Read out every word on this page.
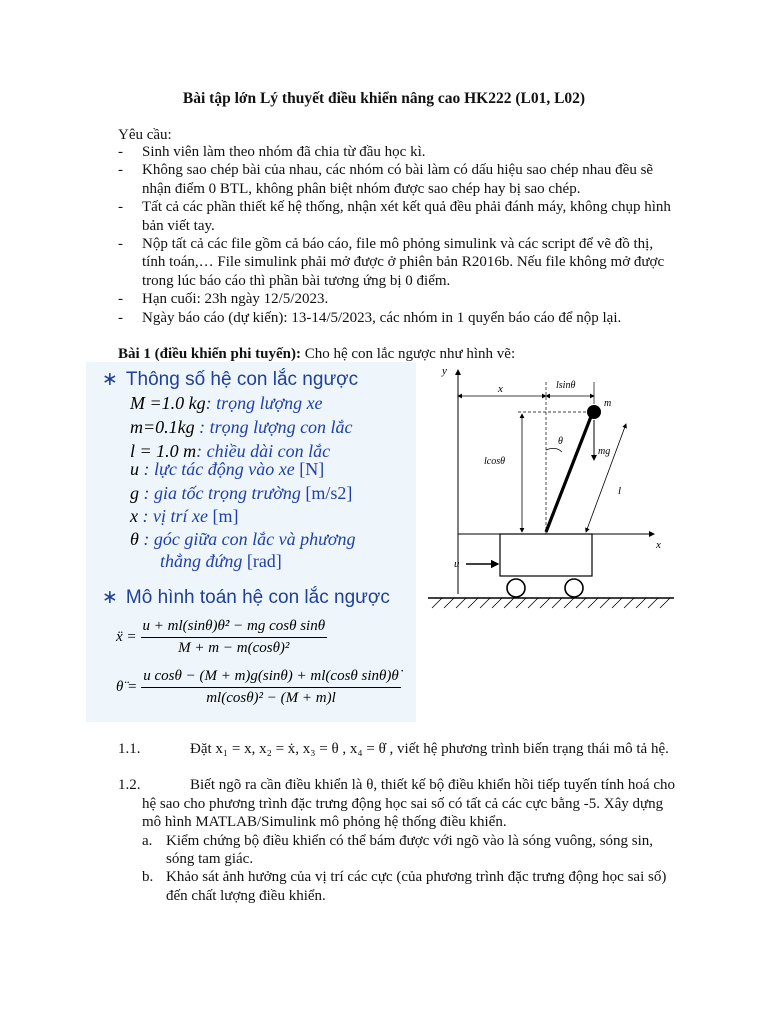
Bài tập lớn Lý thuyết điều khiển nâng cao HK222 (L01, L02)
Yêu cầu:
- Sinh viên làm theo nhóm đã chia từ đầu học kì.
- Không sao chép bài của nhau, các nhóm có bài làm có dấu hiệu sao chép nhau đều sẽ nhận điểm 0 BTL, không phân biệt nhóm được sao chép hay bị sao chép.
- Tất cả các phần thiết kế hệ thống, nhận xét kết quả đều phải đánh máy, không chụp hình bản viết tay.
- Nộp tất cả các file gồm cả báo cáo, file mô phỏng simulink và các script để vẽ đồ thị, tính toán,… File simulink phải mở được ở phiên bản R2016b. Nếu file không mở được trong lúc báo cáo thì phần bài tương ứng bị 0 điểm.
- Hạn cuối: 23h ngày 12/5/2023.
- Ngày báo cáo (dự kiến): 13-14/5/2023, các nhóm in 1 quyển báo cáo để nộp lại.
Bài 1 (điều khiển phi tuyến): Cho hệ con lắc ngược như hình vẽ:
∗ Thông số hệ con lắc ngược
M =1.0 kg: trọng lượng xe
m=0.1kg : trọng lượng con lắc
l = 1.0 m: chiều dài con lắc
u : lực tác động vào xe [N]
g : gia tốc trọng trường [m/s2]
x : vị trí xe [m]
θ : góc giữa con lắc và phương
thẳng đứng [rad]
∗ Mô hình toán hệ con lắc ngược
ẍ = $\frac{\text{u + ml(sinθ)θ̇² − mg cosθ sinθ}}{\text{M + m − m(cosθ)²}}$
θ̈ = $\frac{\text{u cosθ − (M + m)g(sinθ) + ml(cosθ sinθ)θ̇}}{\text{ml(cosθ)² − (M + m)l}}$
y
x
x	lsinθ
lcosθ
θ
m
mg
l
u
1.1.	Đặt x₁ = x, x₂ = ẋ, x₃ = θ , x₄ = θ̇ , viết hệ phương trình biến trạng thái mô tả hệ.
1.2.	Biết ngõ ra cần điều khiển là θ, thiết kế bộ điều khiển hồi tiếp tuyến tính hoá cho hệ sao cho phương trình đặc trưng động học sai số có tất cả các cực bằng -5. Xây dựng mô hình MATLAB/Simulink mô phỏng hệ thống điều khiển.
a. Kiểm chứng bộ điều khiển có thể bám được với ngõ vào là sóng vuông, sóng sin, sóng tam giác.
b. Khảo sát ảnh hưởng của vị trí các cực (của phương trình đặc trưng động học sai số) đến chất lượng điều khiển.
